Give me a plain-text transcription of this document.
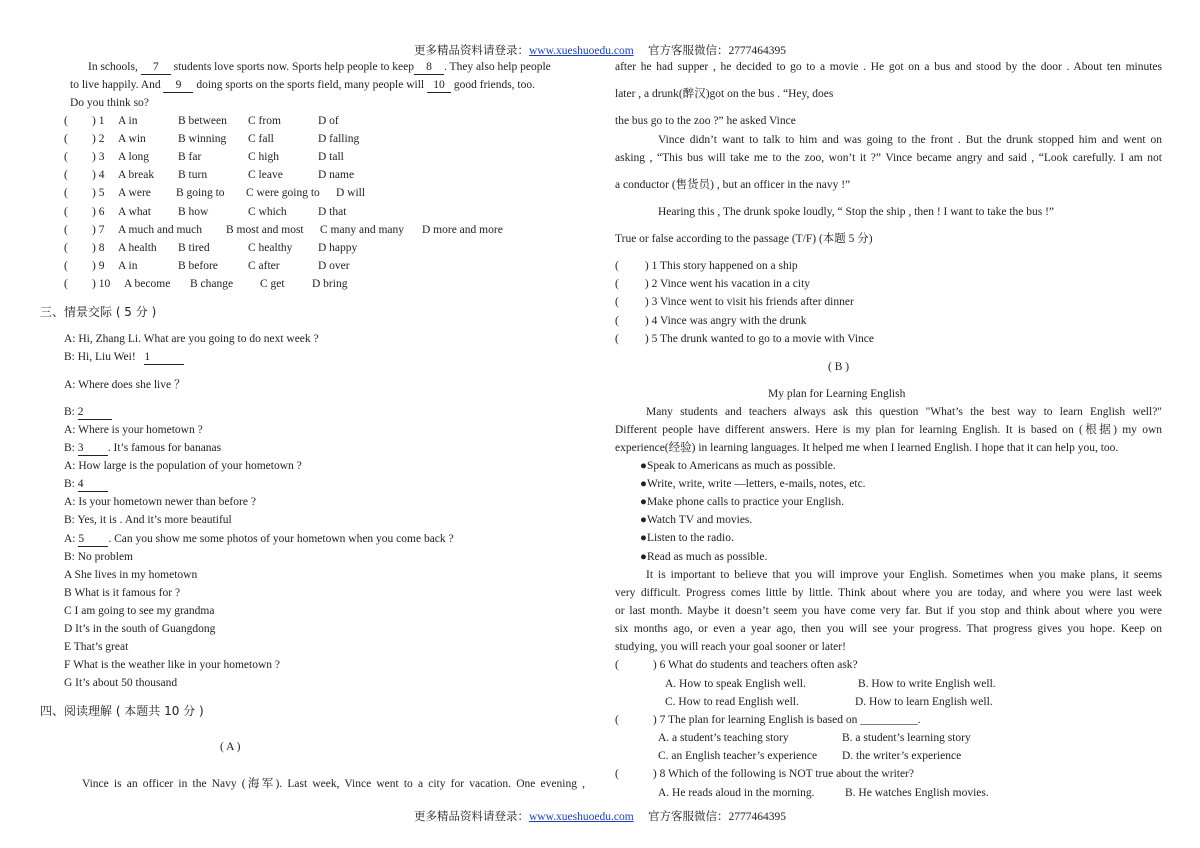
更多精品资料请登录：www.xueshuoedu.com 官方客服微信：2777464395
In schools, 7 students love sports now. Sports help people to keep 8 . They also help people
to live happily. And 9 doing sports on the sports field, many people will 10 good friends, too.
Do you think so?
( ) 1 A in	B between C from	D of
( ) 2 A win	B winning C fall	D falling
( ) 3 A long	B far	C high	D tall
( ) 4 A break B turn	C leave	D name
( ) 5 A were B going to C were going to D will
( ) 6 A what B how	C which	D that
( ) 7 A much and much B most and most C many and many D more and more
( ) 8 A health B tired	C healthy D happy
( ) 9 A in	B before	C after	D over
( ) 10 A become B change C get D bring
三、情景交际 ( 5 分 )
A: Hi, Zhang Li. What are you going to do next week ?
B: Hi, Liu Wei! 1
A: Where does she live ？
B: 2
A: Where is your hometown ?
B: 3 . It’s famous for bananas
A: How large is the population of your hometown ?
B: 4
A: Is your hometown newer than before ?
B: Yes, it is . And it’s more beautiful
A: 5 . Can you show me some photos of your hometown when you come back ?
B: No problem
A She lives in my hometown
B What is it famous for ?
C I am going to see my grandma
D It’s in the south of Guangdong
E That’s great
F What is the weather like in your hometown ?
G It’s about 50 thousand
四、阅读理解 ( 本题共 10 分 )
( A )
Vince is an officer in the Navy (海军). Last week, Vince went to a city for vacation. One evening ,
after he had supper , he decided to go to a movie . He got on a bus and stood by the door . About ten minutes
later , a drunk(醉汉)got on the bus . “Hey, does
the bus go to the zoo ?” he asked Vince
Vince didn’t want to talk to him and was going to the front . But the drunk stopped him and went on
asking , “This bus will take me to the zoo, won’t it ?” Vince became angry and said , “Look carefully. I am not
a conductor (售货员) , but an officer in the navy !”
Hearing this , The drunk spoke loudly, “ Stop the ship , then ! I want to take the bus !”
True or false according to the passage (T/F) (本题 5 分)
( ) 1 This story happened on a ship
( ) 2 Vince went his vacation in a city
( ) 3 Vince went to visit his friends after dinner
( ) 4 Vince was angry with the drunk
( ) 5 The drunk wanted to go to a movie with Vince
( B )
My plan for Learning English
Many students and teachers always ask this question "What’s the best way to learn English well?"
Different people have different answers. Here is my plan for learning English. It is based on (根据) my own
experience(经验) in learning languages. It helped me when I learned English. I hope that it can help you, too.
●Speak to Americans as much as possible.
●Write, write, write —letters, e-mails, notes, etc.
●Make phone calls to practice your English.
●Watch TV and movies.
●Listen to the radio.
●Read as much as possible.
It is important to believe that you will improve your English. Sometimes when you make plans, it seems
very difficult. Progress comes little by little. Think about where you are today, and where you were last week
or last month. Maybe it doesn’t seem you have come very far. But if you stop and think about where you were
six months ago, or even a year ago, then you will see your progress. That progress gives you hope. Keep on
studying, you will reach your goal sooner or later!
(	) 6 What do students and teachers often ask?
A. How to speak English well.	B. How to write English well.
C. How to read English well.	D. How to learn English well.
(	) 7 The plan for learning English is based on __________.
A. a student’s teaching story	B. a student’s learning story
C. an English teacher’s experience D. the writer’s experience
(	) 8 Which of the following is NOT true about the writer?
A. He reads aloud in the morning.	B. He watches English movies.
更多精品资料请登录：www.xueshuoedu.com 官方客服微信：2777464395
